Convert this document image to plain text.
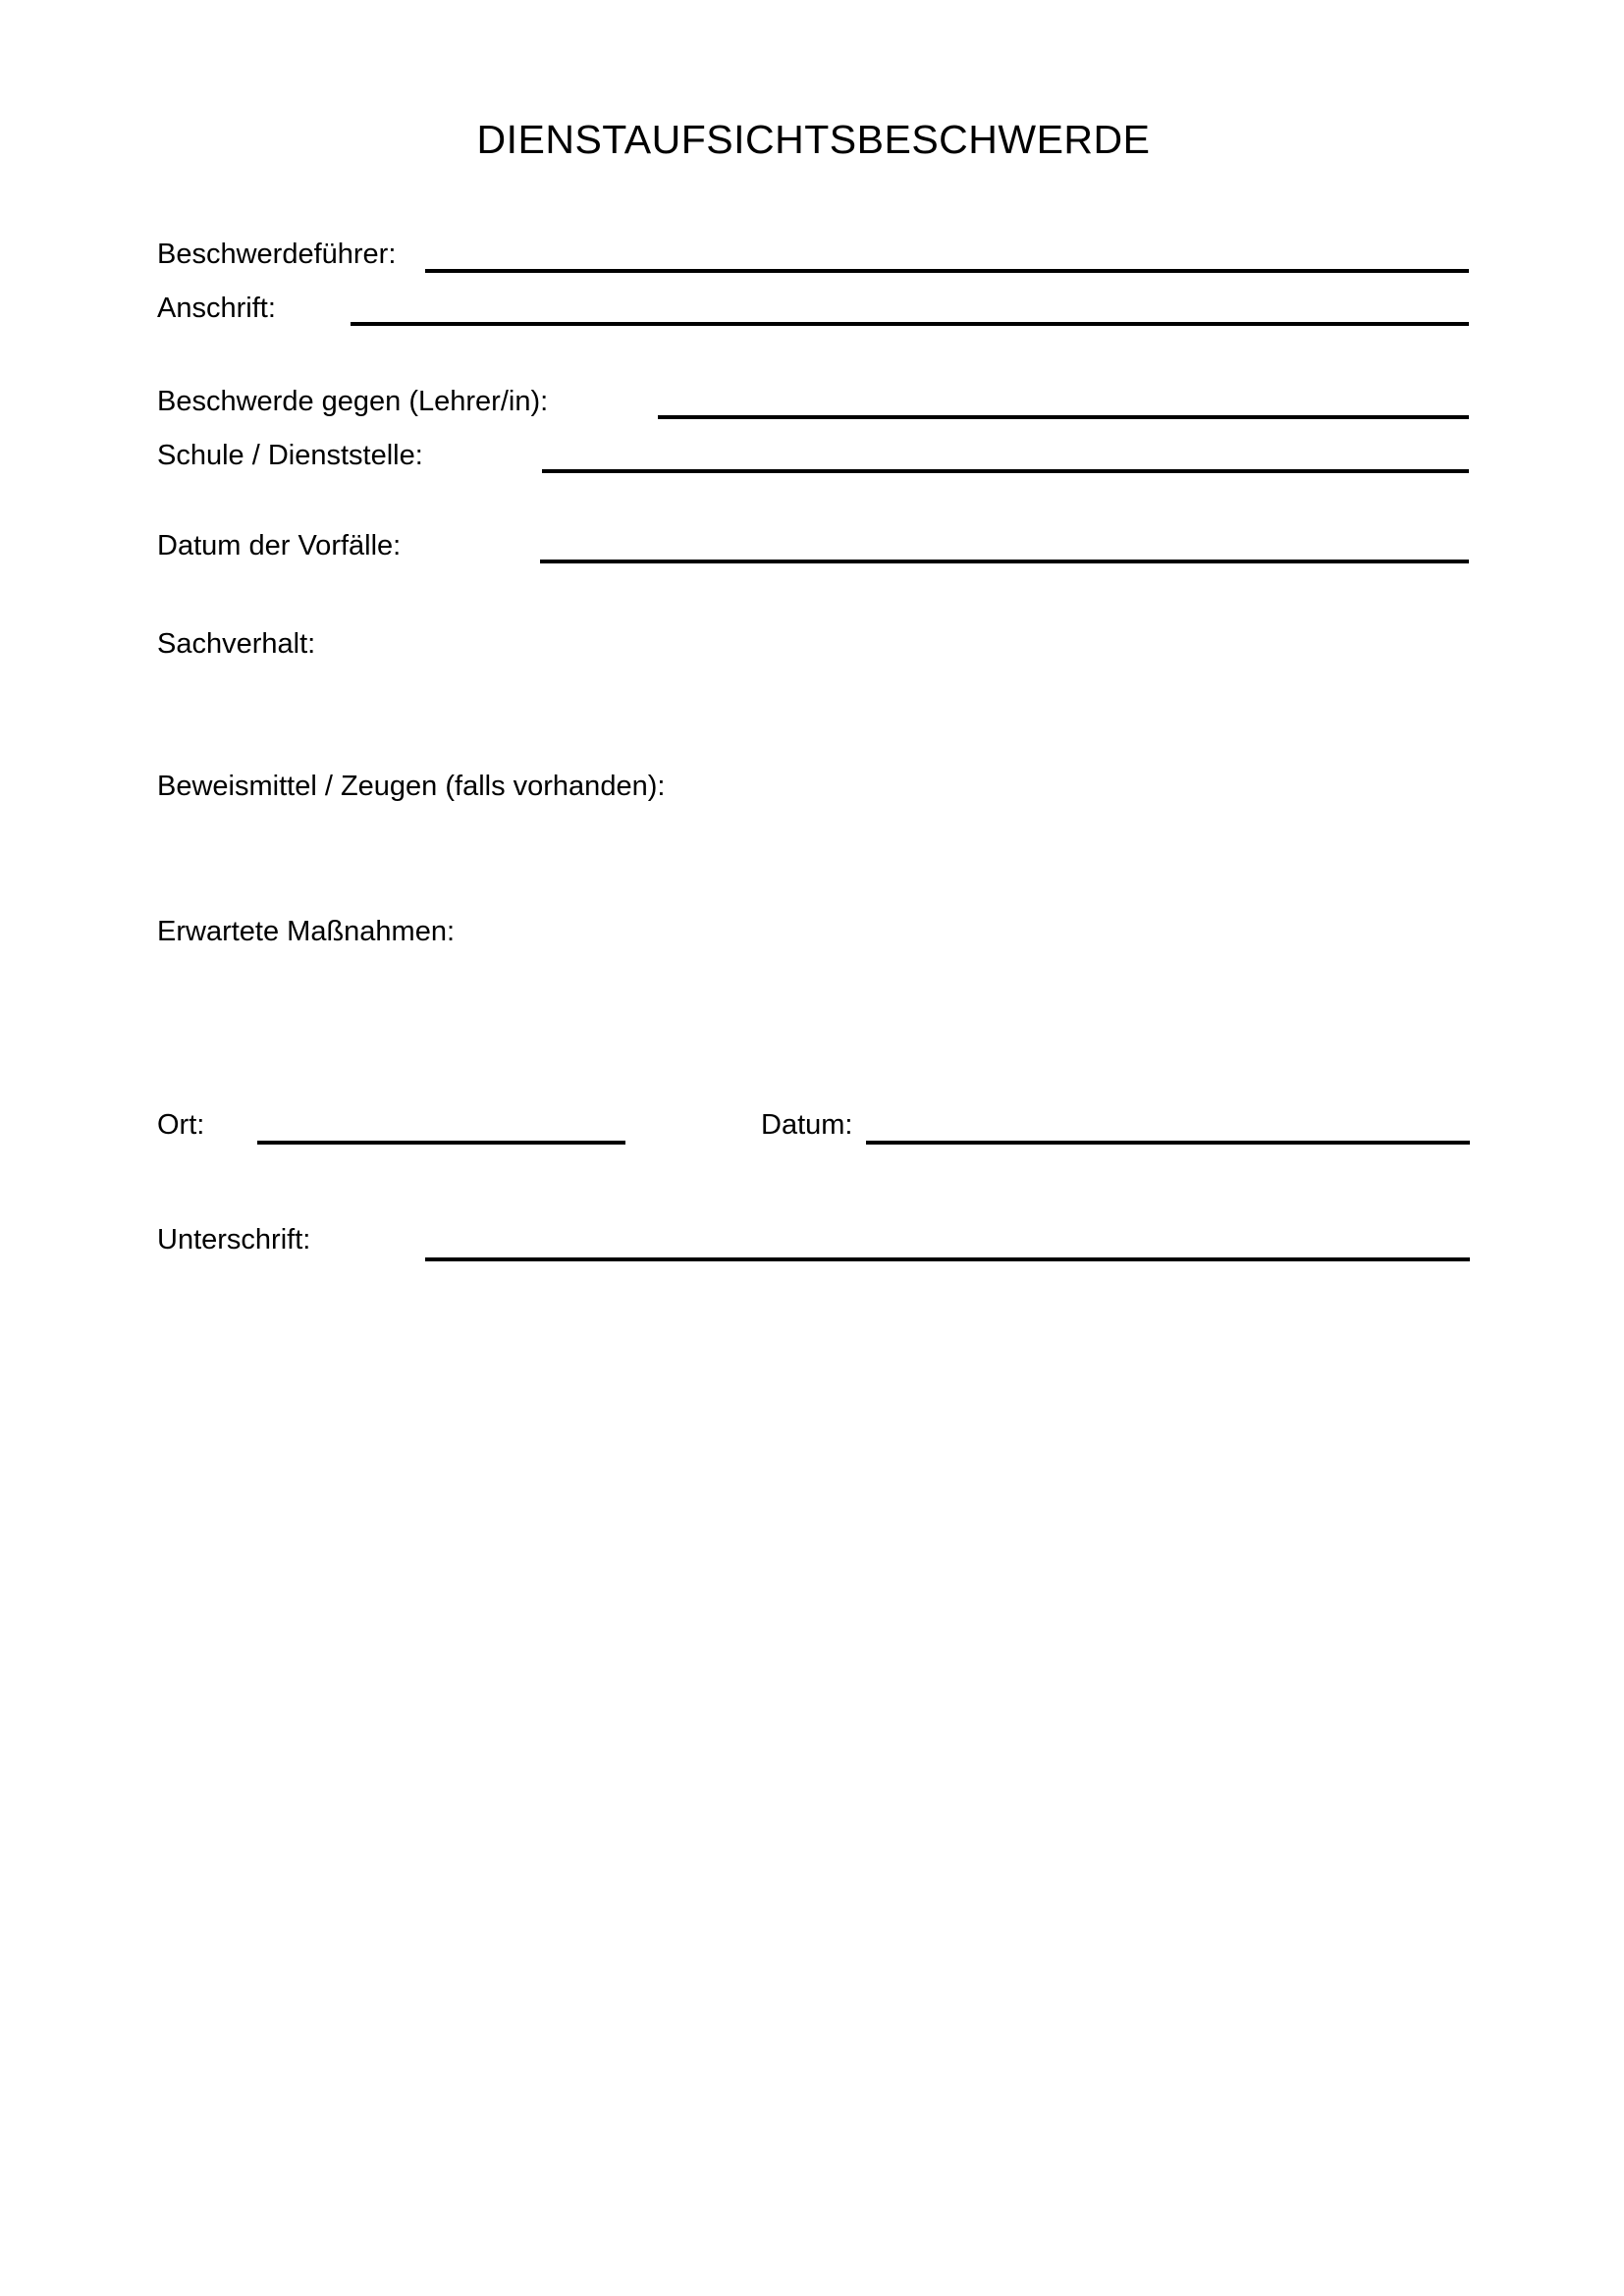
DIENSTAUFSICHTSBESCHWERDE
Beschwerdeführer:
Anschrift:
Beschwerde gegen (Lehrer/in):
Schule / Dienststelle:
Datum der Vorfälle:
Sachverhalt:
Beweismittel / Zeugen (falls vorhanden):
Erwartete Maßnahmen:
Ort:	Datum:
Unterschrift:
